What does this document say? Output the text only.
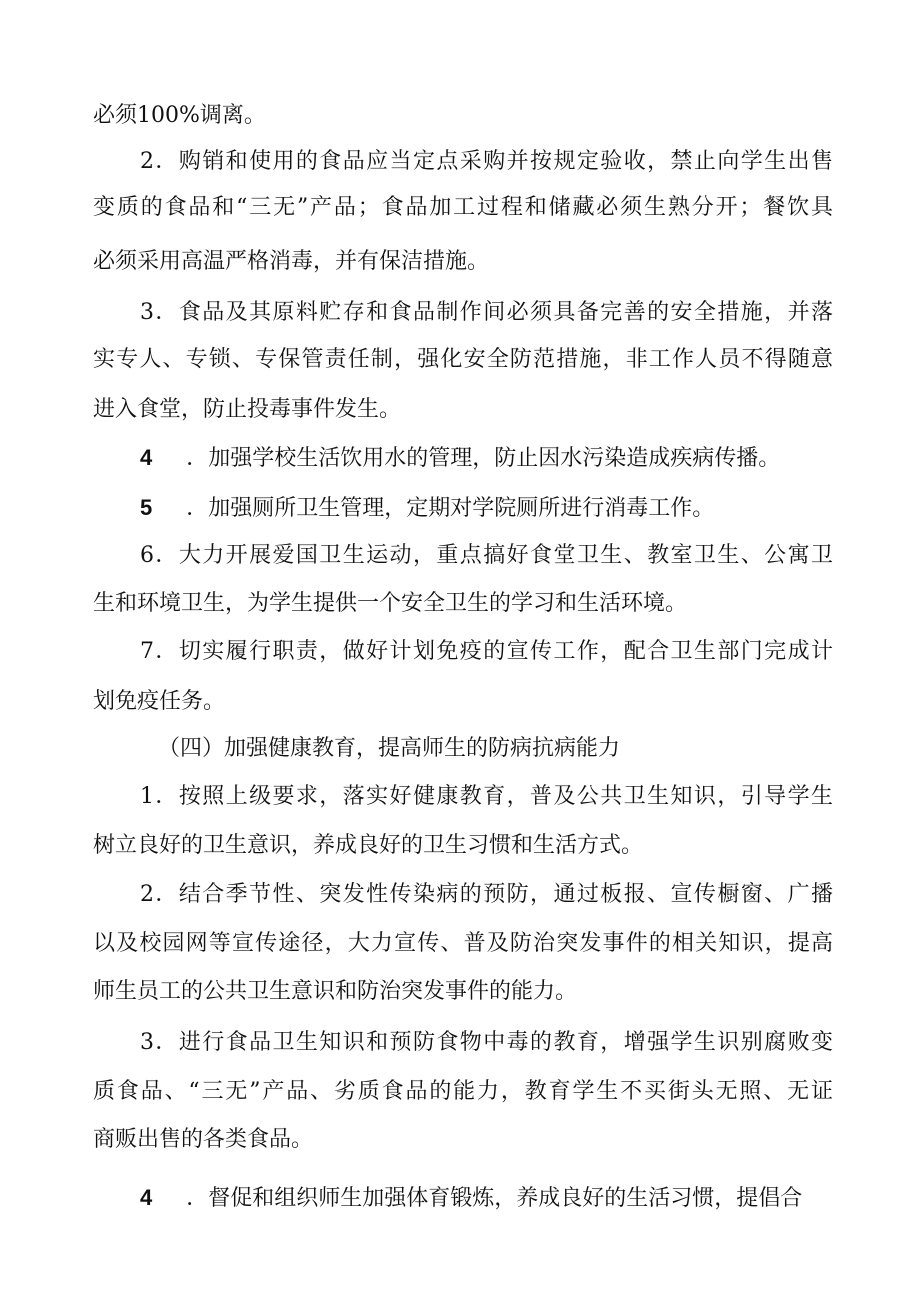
必须100%调离。
2．购销和使用的食品应当定点采购并按规定验收，禁止向学生出售
变质的食品和“三无”产品；食品加工过程和储藏必须生熟分开；餐饮具
必须采用高温严格消毒，并有保洁措施。
3．食品及其原料贮存和食品制作间必须具备完善的安全措施，并落
实专人、专锁、专保管责任制，强化安全防范措施，非工作人员不得随意
进入食堂，防止投毒事件发生。
4 ．加强学校生活饮用水的管理，防止因水污染造成疾病传播。
5 ．加强厕所卫生管理，定期对学院厕所进行消毒工作。
6．大力开展爱国卫生运动，重点搞好食堂卫生、教室卫生、公寓卫
生和环境卫生，为学生提供一个安全卫生的学习和生活环境。
7．切实履行职责，做好计划免疫的宣传工作，配合卫生部门完成计
划免疫任务。
（四）加强健康教育，提高师生的防病抗病能力
1．按照上级要求，落实好健康教育，普及公共卫生知识，引导学生
树立良好的卫生意识，养成良好的卫生习惯和生活方式。
2．结合季节性、突发性传染病的预防，通过板报、宣传橱窗、广播
以及校园网等宣传途径，大力宣传、普及防治突发事件的相关知识，提高
师生员工的公共卫生意识和防治突发事件的能力。
3．进行食品卫生知识和预防食物中毒的教育，增强学生识别腐败变
质食品、“三无”产品、劣质食品的能力，教育学生不买街头无照、无证
商贩出售的各类食品。
4 ．督促和组织师生加强体育锻炼，养成良好的生活习惯，提倡合
